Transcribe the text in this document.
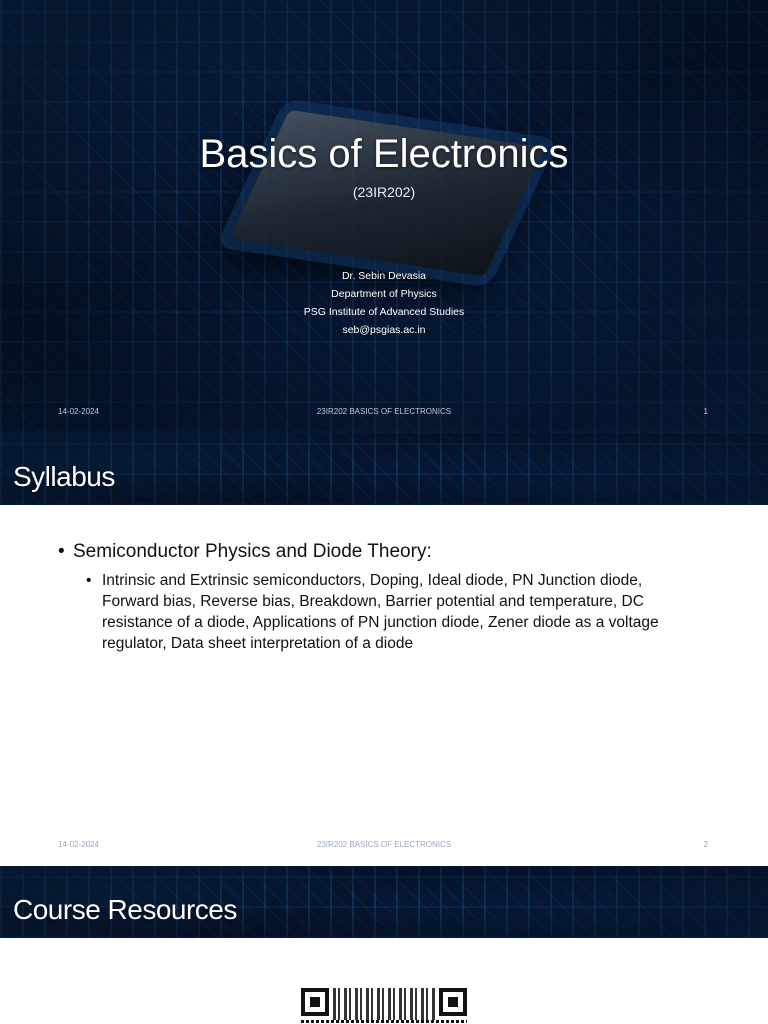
Basics of Electronics
(23IR202)
Dr. Sebin Devasia
Department of Physics
PSG Institute of Advanced Studies
seb@psgias.ac.in
14-02-2024	23IR202 BASICS OF ELECTRONICS	1
Syllabus
• Semiconductor Physics and Diode Theory:
• Intrinsic and Extrinsic semiconductors, Doping, Ideal diode, PN Junction diode, Forward bias, Reverse bias, Breakdown, Barrier potential and temperature, DC resistance of a diode, Applications of PN junction diode, Zener diode as a voltage regulator, Data sheet interpretation of a diode
14-02-2024	23IR202 BASICS OF ELECTRONICS	2
Course Resources
